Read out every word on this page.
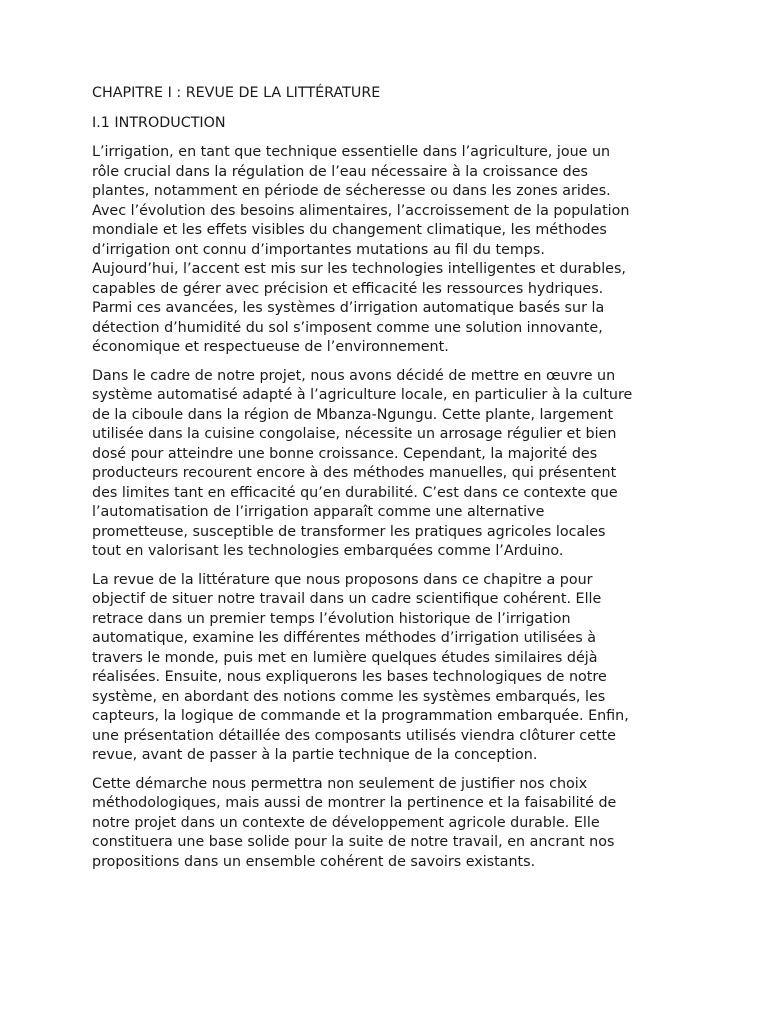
CHAPITRE I : REVUE DE LA LITTÉRATURE
I.1 INTRODUCTION
L’irrigation, en tant que technique essentielle dans l’agriculture, joue un
rôle crucial dans la régulation de l’eau nécessaire à la croissance des
plantes, notamment en période de sécheresse ou dans les zones arides.
Avec l’évolution des besoins alimentaires, l’accroissement de la population
mondiale et les effets visibles du changement climatique, les méthodes
d’irrigation ont connu d’importantes mutations au fil du temps.
Aujourd’hui, l’accent est mis sur les technologies intelligentes et durables,
capables de gérer avec précision et efficacité les ressources hydriques.
Parmi ces avancées, les systèmes d’irrigation automatique basés sur la
détection d’humidité du sol s’imposent comme une solution innovante,
économique et respectueuse de l’environnement.
Dans le cadre de notre projet, nous avons décidé de mettre en œuvre un
système automatisé adapté à l’agriculture locale, en particulier à la culture
de la ciboule dans la région de Mbanza-Ngungu. Cette plante, largement
utilisée dans la cuisine congolaise, nécessite un arrosage régulier et bien
dosé pour atteindre une bonne croissance. Cependant, la majorité des
producteurs recourent encore à des méthodes manuelles, qui présentent
des limites tant en efficacité qu’en durabilité. C’est dans ce contexte que
l’automatisation de l’irrigation apparaît comme une alternative
prometteuse, susceptible de transformer les pratiques agricoles locales
tout en valorisant les technologies embarquées comme l’Arduino.
La revue de la littérature que nous proposons dans ce chapitre a pour
objectif de situer notre travail dans un cadre scientifique cohérent. Elle
retrace dans un premier temps l’évolution historique de l’irrigation
automatique, examine les différentes méthodes d’irrigation utilisées à
travers le monde, puis met en lumière quelques études similaires déjà
réalisées. Ensuite, nous expliquerons les bases technologiques de notre
système, en abordant des notions comme les systèmes embarqués, les
capteurs, la logique de commande et la programmation embarquée. Enfin,
une présentation détaillée des composants utilisés viendra clôturer cette
revue, avant de passer à la partie technique de la conception.
Cette démarche nous permettra non seulement de justifier nos choix
méthodologiques, mais aussi de montrer la pertinence et la faisabilité de
notre projet dans un contexte de développement agricole durable. Elle
constituera une base solide pour la suite de notre travail, en ancrant nos
propositions dans un ensemble cohérent de savoirs existants.
